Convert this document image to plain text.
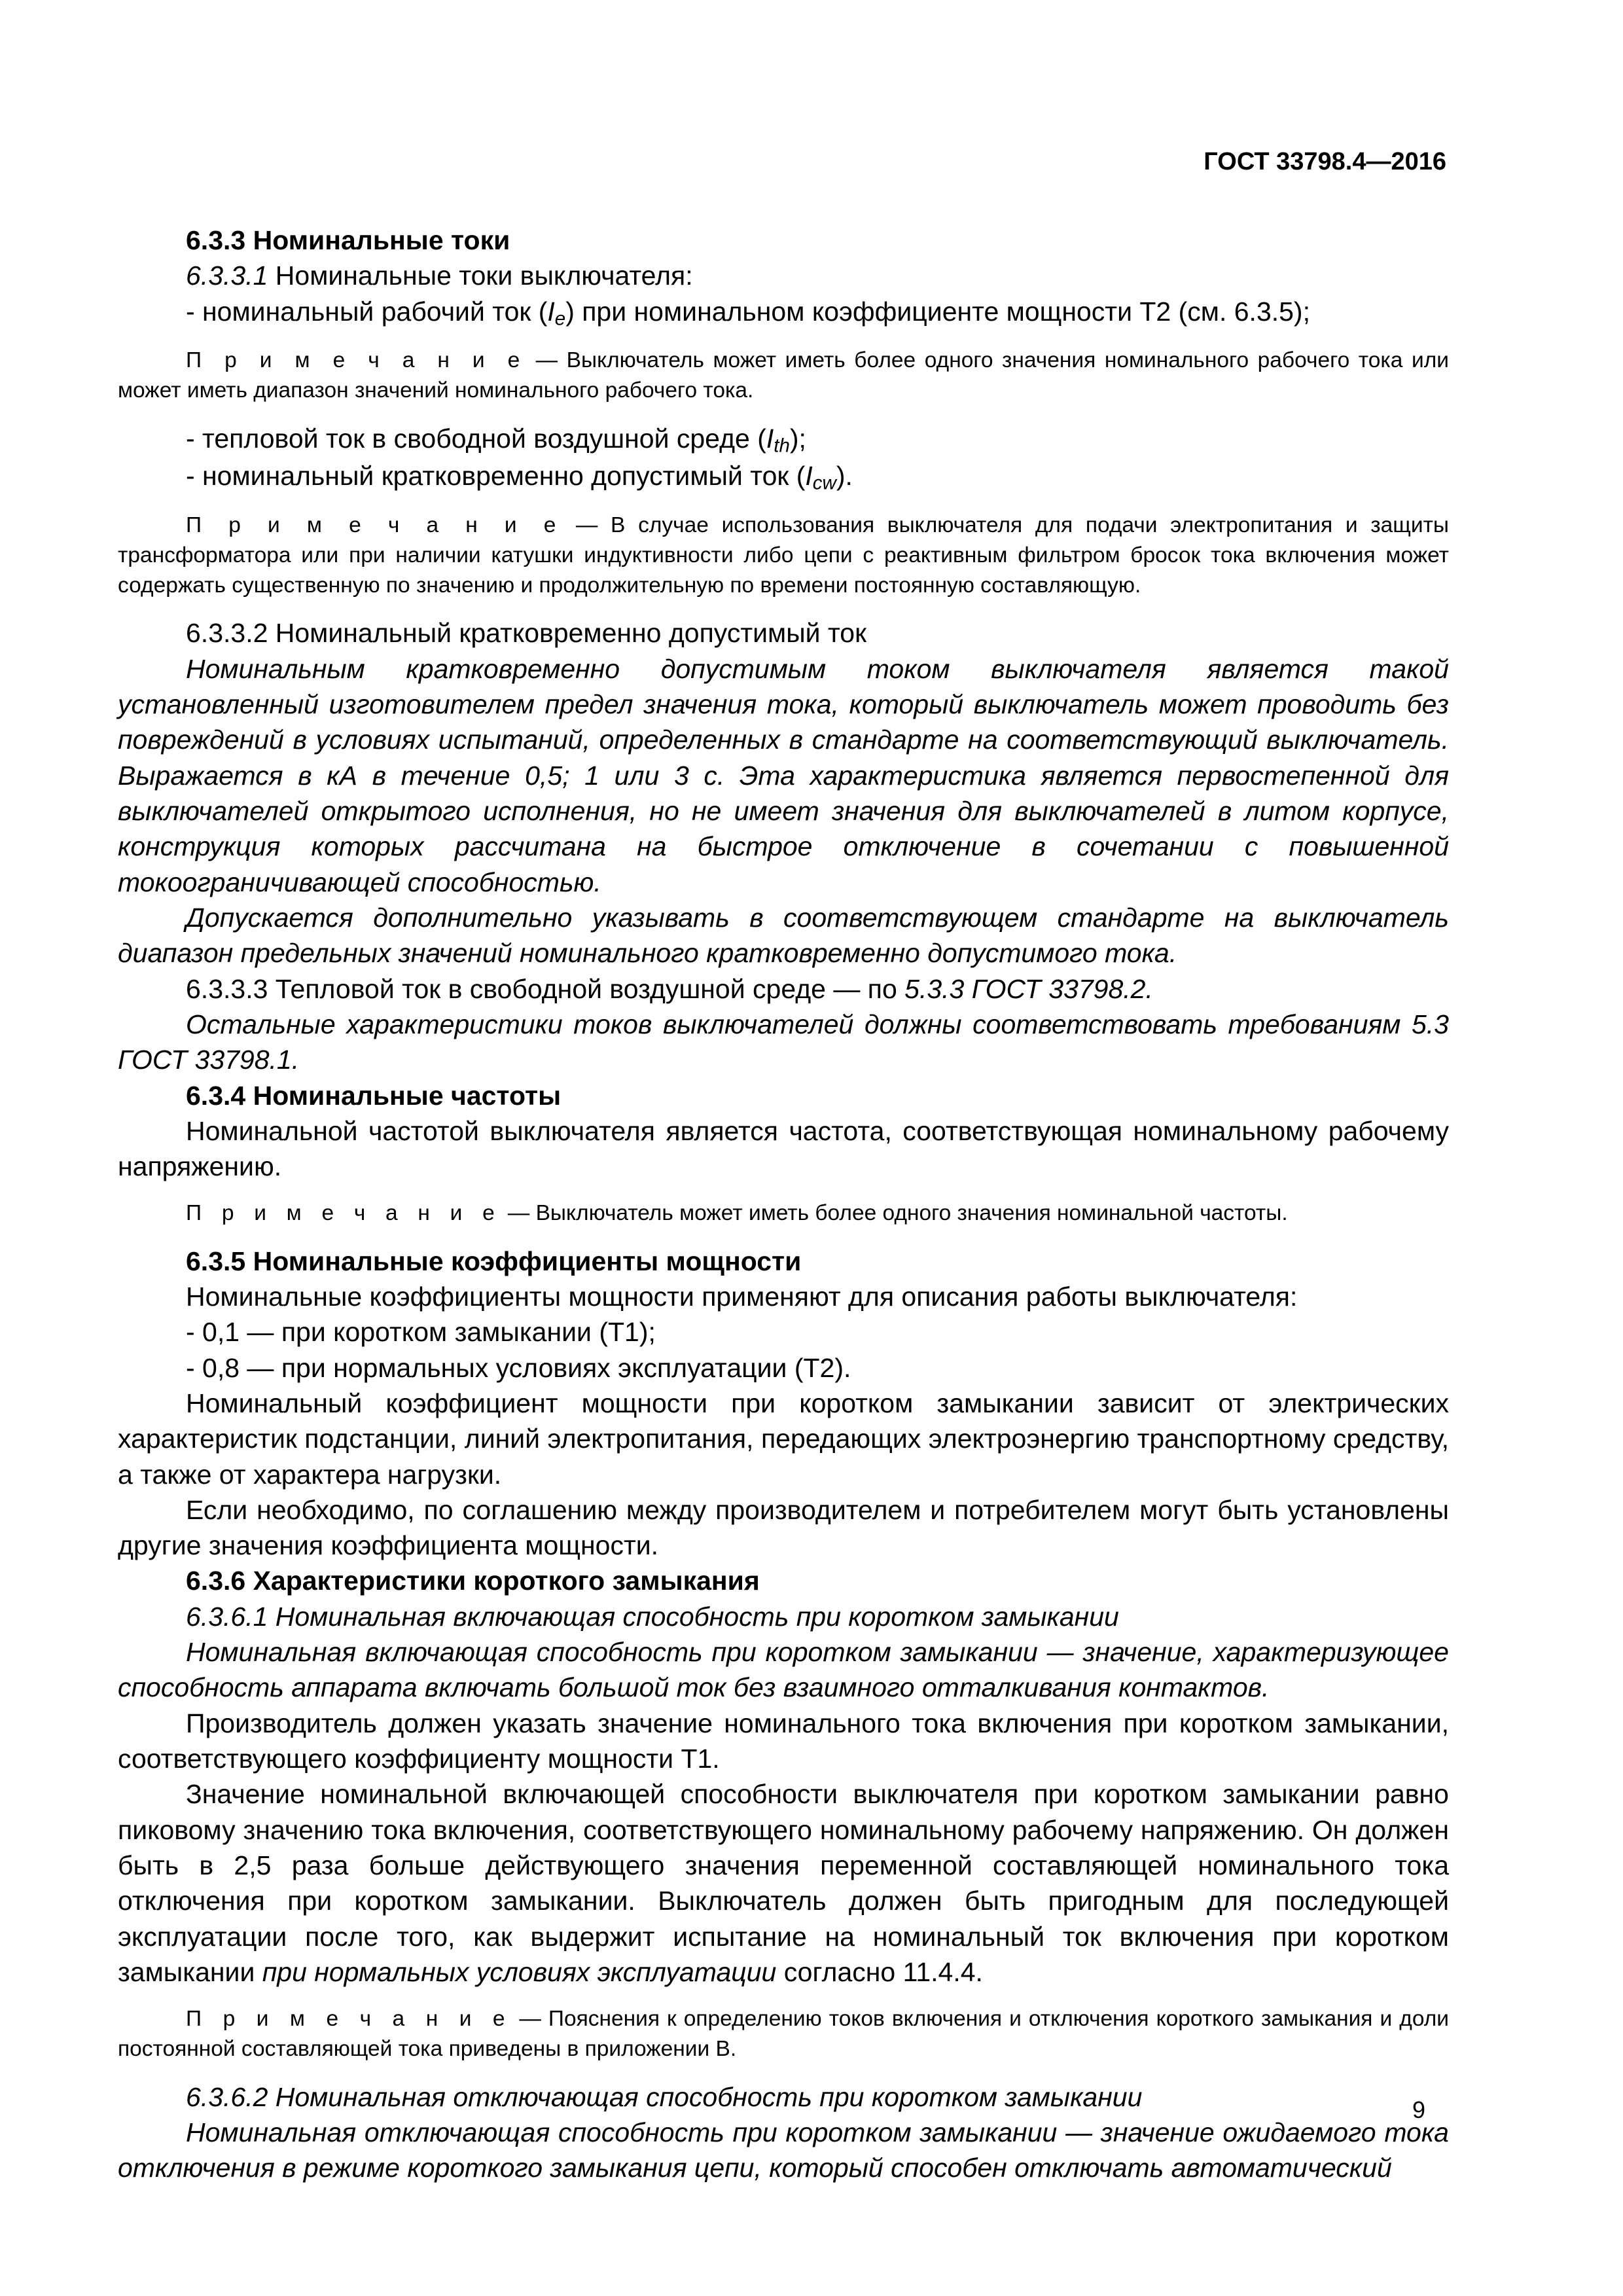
ГОСТ 33798.4—2016

6.3.3 Номинальные токи

6.3.3.1 Номинальные токи выключателя:

- номинальный рабочий ток $(I_e)$ при номинальном коэффициенте мощности Т2 (см. 6.3.5);

П р и м е ч а н и е — Выключатель может иметь более одного значения номинального рабочего тока или может иметь диапазон значений номинального рабочего тока.

- тепловой ток в свободной воздушной среде $(I_{th})$;

- номинальный кратковременно допустимый ток $(I_{cw})$.

П р и м е ч а н и е — В случае использования выключателя для подачи электропитания и защиты трансформатора или при наличии катушки индуктивности либо цепи с реактивным фильтром бросок тока включения может содержать существенную по значению и продолжительную по времени постоянную составляющую.

6.3.3.2 Номинальный кратковременно допустимый ток

Номинальным кратковременно допустимым током выключателя является такой установленный изготовителем предел значения тока, который выключатель может проводить без повреждений в условиях испытаний, определенных в стандарте на соответствующий выключатель. Выражается в кА в течение 0,5; 1 или 3 с. Эта характеристика является первостепенной для выключателей открытого исполнения, но не имеет значения для выключателей в литом корпусе, конструкция которых рассчитана на быстрое отключение в сочетании с повышенной токоограничивающей способностью.

Допускается дополнительно указывать в соответствующем стандарте на выключатель диапазон предельных значений номинального кратковременно допустимого тока.

6.3.3.3 Тепловой ток в свободной воздушной среде — по 5.3.3 ГОСТ 33798.2.

Остальные характеристики токов выключателей должны соответствовать требованиям 5.3 ГОСТ 33798.1.

6.3.4 Номинальные частоты

Номинальной частотой выключателя является частота, соответствующая номинальному рабочему напряжению.

П р и м е ч а н и е — Выключатель может иметь более одного значения номинальной частоты.

6.3.5 Номинальные коэффициенты мощности

Номинальные коэффициенты мощности применяют для описания работы выключателя:

- 0,1 — при коротком замыкании (Т1);

- 0,8 — при нормальных условиях эксплуатации (Т2).

Номинальный коэффициент мощности при коротком замыкании зависит от электрических характеристик подстанции, линий электропитания, передающих электроэнергию транспортному средству, а также от характера нагрузки.

Если необходимо, по соглашению между производителем и потребителем могут быть установлены другие значения коэффициента мощности.

6.3.6 Характеристики короткого замыкания

6.3.6.1 Номинальная включающая способность при коротком замыкании

Номинальная включающая способность при коротком замыкании — значение, характеризующее способность аппарата включать большой ток без взаимного отталкивания контактов.

Производитель должен указать значение номинального тока включения при коротком замыкании, соответствующего коэффициенту мощности Т1.

Значение номинальной включающей способности выключателя при коротком замыкании равно пиковому значению тока включения, соответствующего номинальному рабочему напряжению. Он должен быть в 2,5 раза больше действующего значения переменной составляющей номинального тока отключения при коротком замыкании. Выключатель должен быть пригодным для последующей эксплуатации после того, как выдержит испытание на номинальный ток включения при коротком замыкании при нормальных условиях эксплуатации согласно 11.4.4.

П р и м е ч а н и е — Пояснения к определению токов включения и отключения короткого замыкания и доли постоянной составляющей тока приведены в приложении В.

6.3.6.2 Номинальная отключающая способность при коротком замыкании

Номинальная отключающая способность при коротком замыкании — значение ожидаемого тока отключения в режиме короткого замыкания цепи, который способен отключать автоматический

9
